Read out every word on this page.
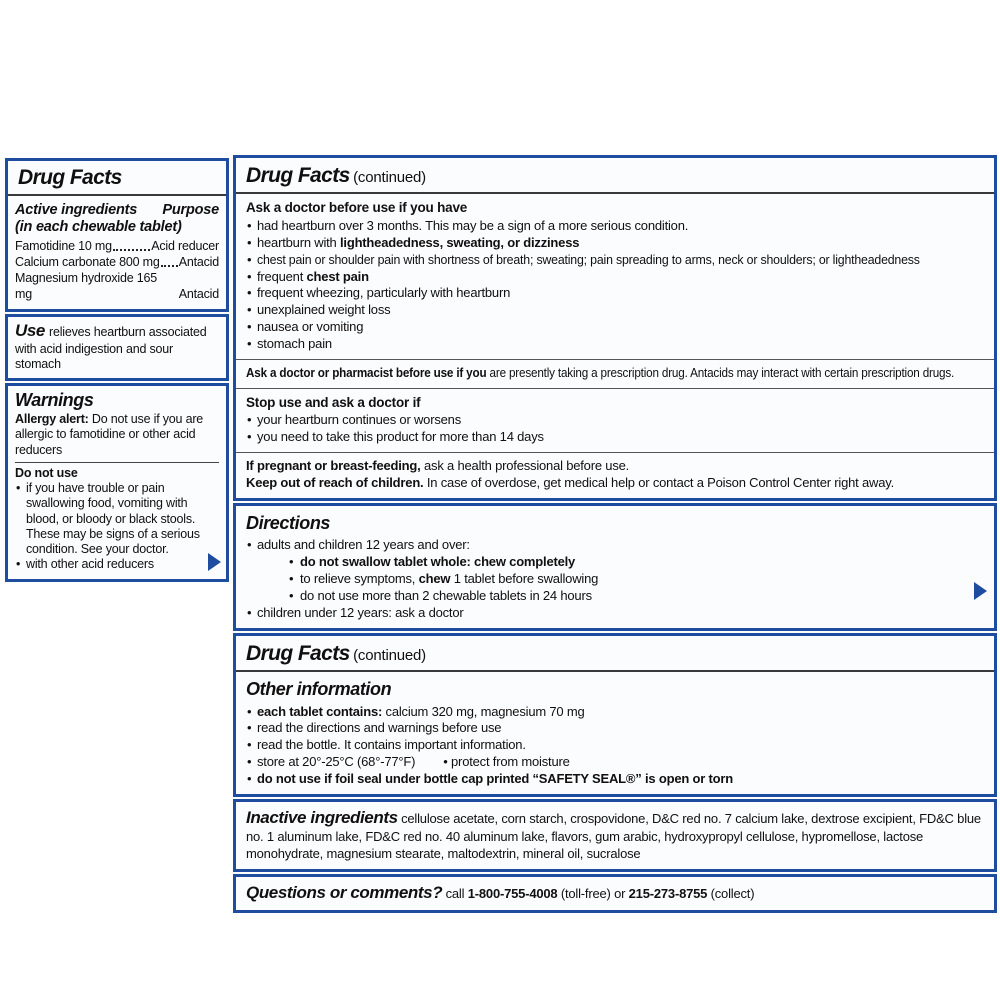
Drug Facts
Active ingredients Purpose
(in each chewable tablet)
Famotidine 10 mg	Acid reducer
Calcium carbonate 800 mg Antacid
Magnesium hydroxide 165 mg	Antacid
Use relieves heartburn associated with acid indigestion and sour stomach
Warnings
Allergy alert: Do not use if you are allergic to famotidine or other acid reducers
Do not use

• if you have trouble or pain swallowing food, vomiting with blood, or bloody or black stools. These may be signs of a serious condition. See your doctor.

• with other acid reducers

Drug Facts (continued)

Ask a doctor before use if you have

• had heartburn over 3 months. This may be a sign of a more serious condition.

• heartburn with lightheadedness, sweating, or dizziness

• chest pain or shoulder pain with shortness of breath; sweating; pain spreading to arms, neck or shoulders; or lightheadedness

• frequent chest pain

• frequent wheezing, particularly with heartburn

• unexplained weight loss

• nausea or vomiting

• stomach pain

Ask a doctor or pharmacist before use if you are presently taking a prescription drug. Antacids may interact with certain prescription drugs.

Stop use and ask a doctor if

• your heartburn continues or worsens

• you need to take this product for more than 14 days

If pregnant or breast-feeding, ask a health professional before use.

Keep out of reach of children. In case of overdose, get medical help or contact a Poison Control Center right away.

Directions

• adults and children 12 years and over:

• do not swallow tablet whole: chew completely

• to relieve symptoms, chew 1 tablet before swallowing

• do not use more than 2 chewable tablets in 24 hours

• children under 12 years: ask a doctor

Drug Facts (continued)
Other information

• each tablet contains: calcium 320 mg, magnesium 70 mg

• read the directions and warnings before use

• read the bottle. It contains important information.

• store at 20°-25°C (68°-77°F)	• protect from moisture

• do not use if foil seal under bottle cap printed “SAFETY SEAL®” is open or torn

Inactive ingredients cellulose acetate, corn starch, crospovidone, D&C red no. 7 calcium lake, dextrose excipient, FD&C blue no. 1 aluminum lake, FD&C red no. 40 aluminum lake, flavors, gum arabic, hydroxypropyl cellulose, hypromellose, lactose monohydrate, magnesium stearate, maltodextrin, mineral oil, sucralose

Questions or comments? call 1-800-755-4008 (toll-free) or 215-273-8755 (collect)
